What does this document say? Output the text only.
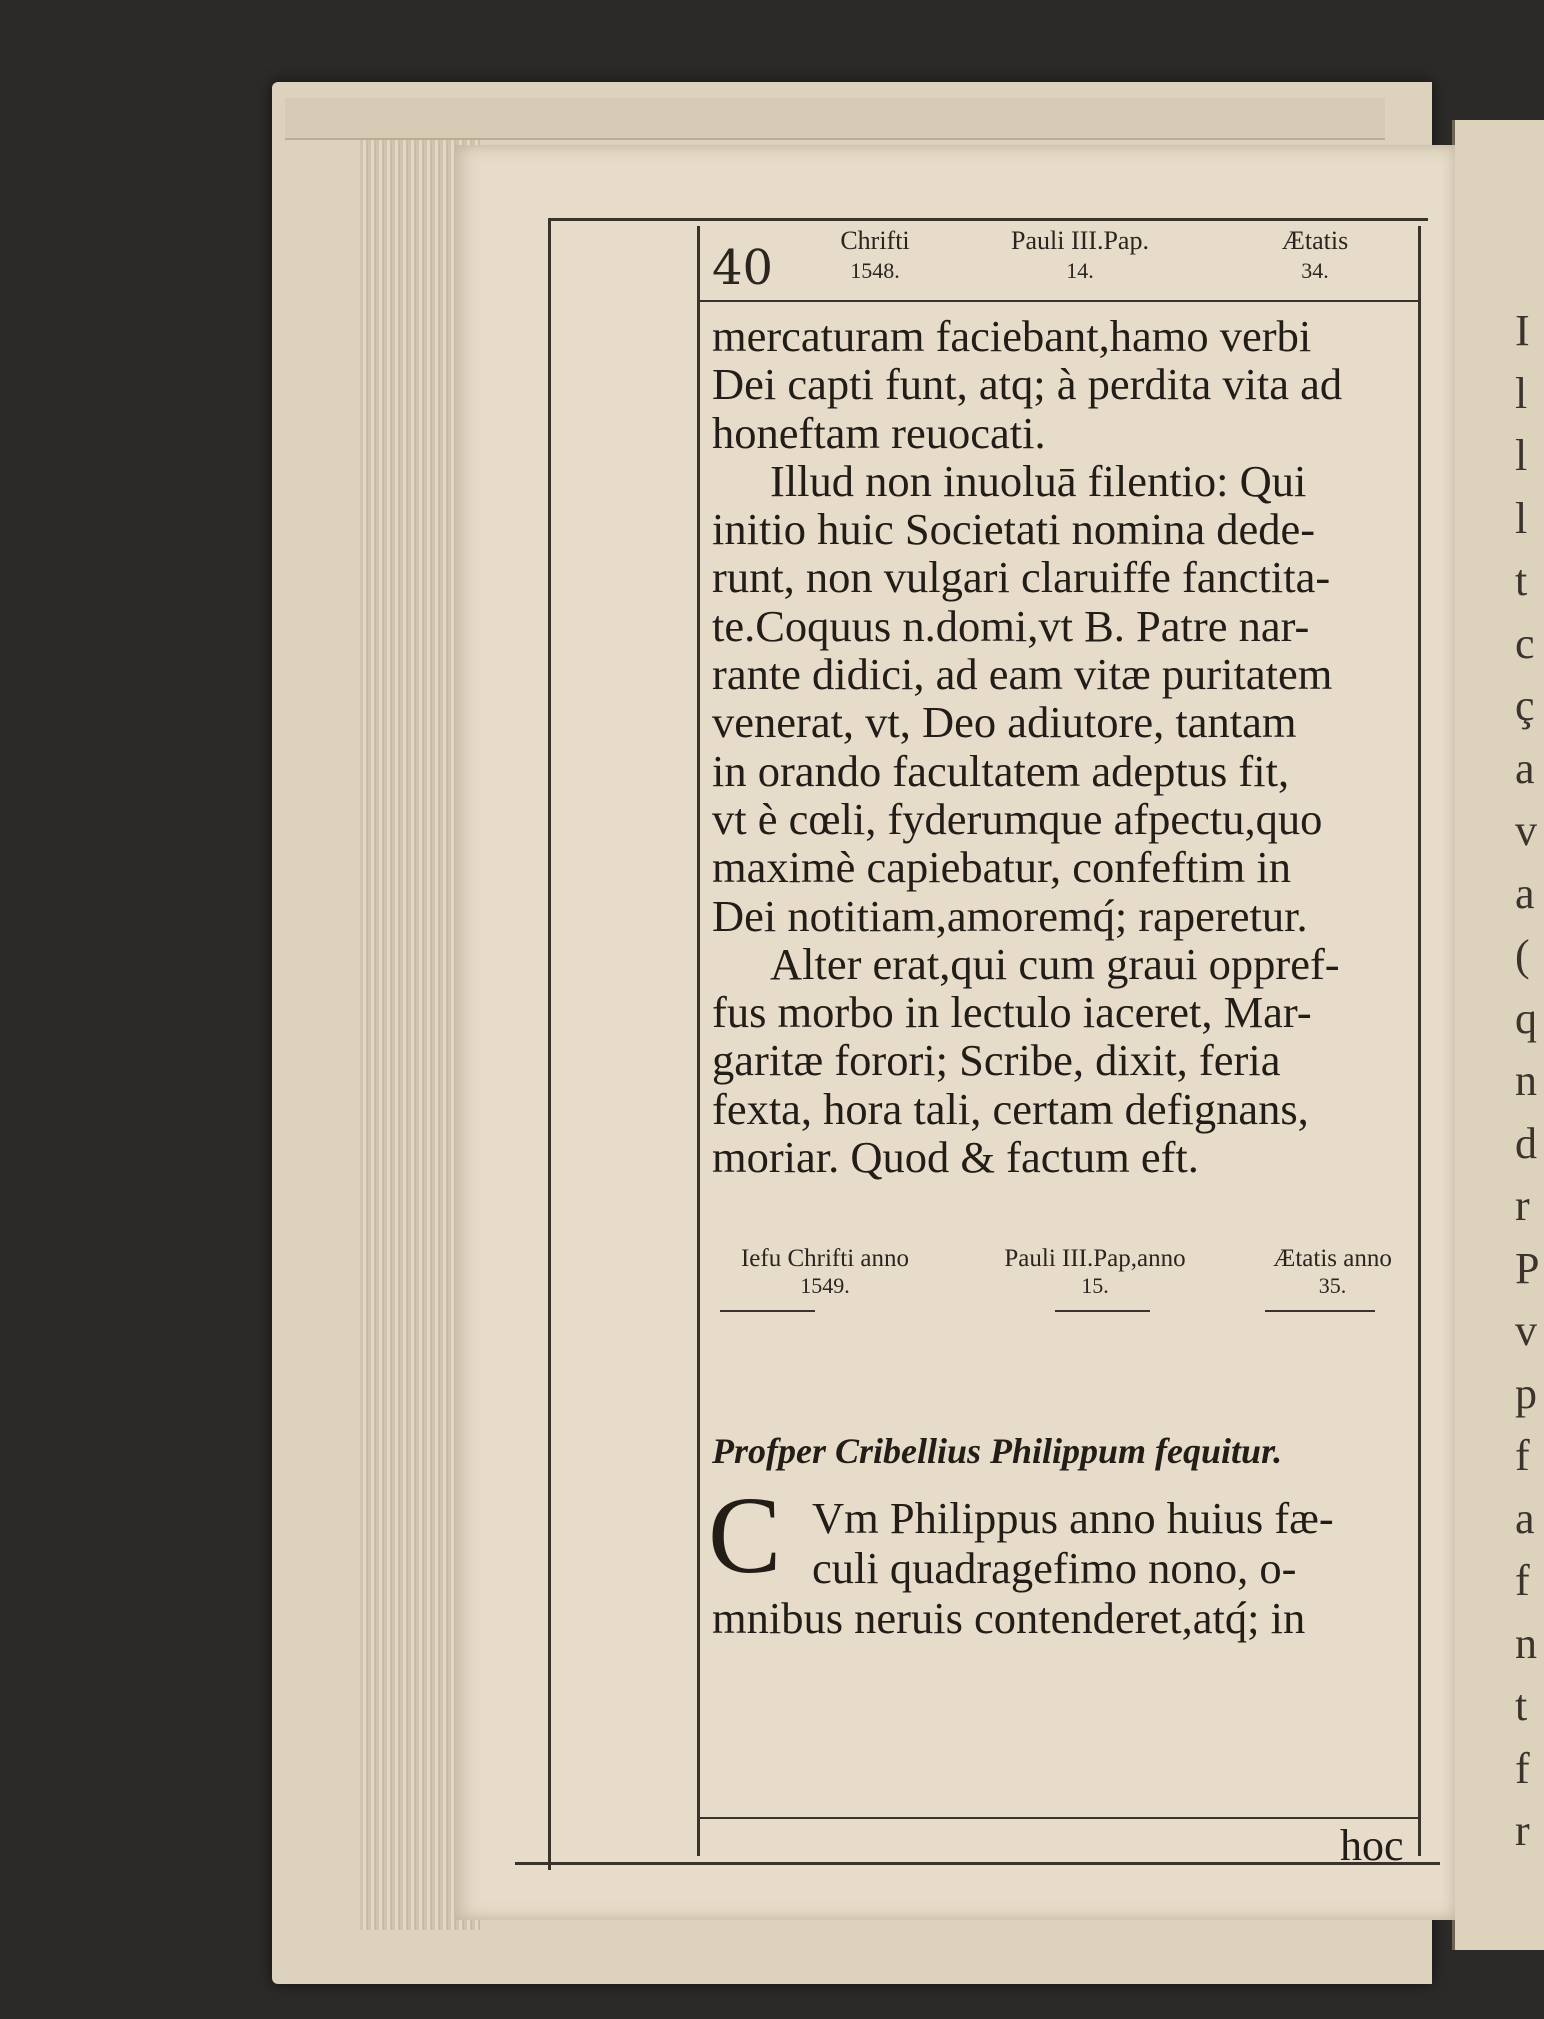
I
l
l
l
t
c
ç
a
v
a
(
q
n
d
r
P
v
p
f
a
f
n
t
f
r
40	Chrifti
1548.
Pauli III.Pap.
14.
Ætatis
34.
mercaturam faciebant,hamo verbi
Dei capti funt, atq; à perdita vita ad
honeftam reuocati.
Illud non inuoluā filentio: Qui
initio huic Societati nomina dede-
runt, non vulgari claruiffe fanctita-
te.Coquus n.domi,vt B. Patre nar-
rante didici, ad eam vitæ puritatem
venerat, vt, Deo adiutore, tantam
in orando facultatem adeptus fit,
vt è cœli, fyderumque afpectu,quo
maximè capiebatur, confeftim in
Dei notitiam,amoremq́; raperetur.
Alter erat,qui cum graui oppref-
fus morbo in lectulo iaceret, Mar-
garitæ forori; Scribe, dixit, feria
fexta, hora tali, certam defignans,
moriar. Quod & factum eft.
Iefu Chrifti anno
1549.
Pauli III.Pap,anno
15.
Ætatis anno
35.
Profper Cribellius Philippum fequitur.
C Vm Philippus anno huius fæ-
culi quadragefimo nono, o-
mnibus neruis contenderet,atq́; in
hoc
